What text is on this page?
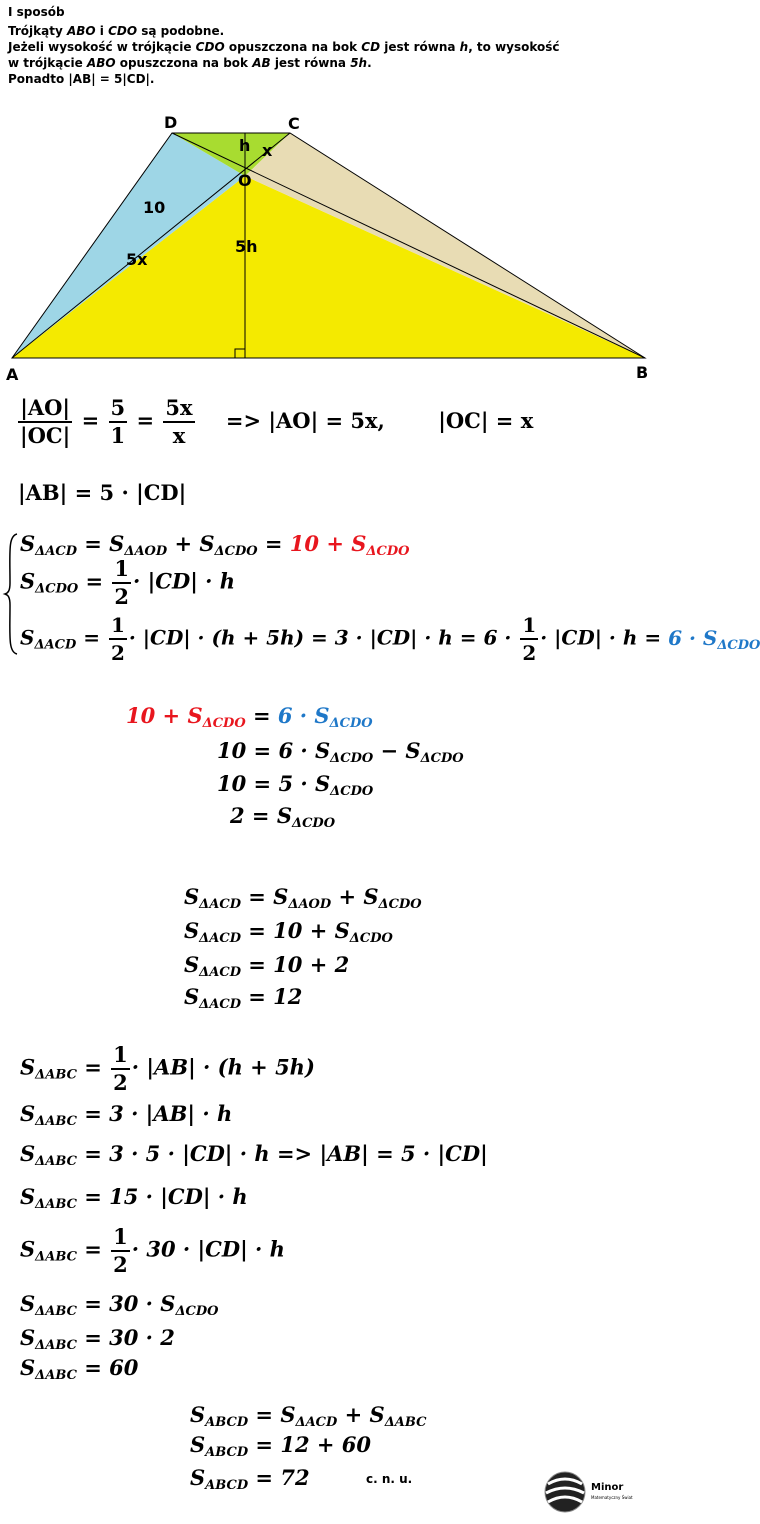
I sposób
Trójkąty ABO i CDO są podobne.
Jeżeli wysokość w trójkącie CDO opuszczona na bok CD jest równa h, to wysokość
w trójkącie ABO opuszczona na bok AB jest równa 5h.
Ponadto |AB| = 5|CD|.
A	B
C
D
O
h x
10
5x
5h
$\frac{|AO|}{|OC|} = \frac{5}{1} = \frac{5x}{x} => |AO| = 5x$,	|OC| = x
|AB| = 5 · |CD|
$S_{\Delta ACD} = S_{\Delta AOD} + S_{\Delta CDO} = 10 + S_{\Delta CDO}$
$S_{\Delta CDO} = \frac{1}{2} \cdot |CD| \cdot h$
$S_{\Delta ACD} = \frac{1}{2} \cdot |CD| \cdot (h + 5h) = 3 \cdot |CD| \cdot h = 6 \cdot \frac{1}{2} \cdot |CD| \cdot h = 6 \cdot S_{\Delta CDO}$
$10 + S_{\Delta CDO} = 6 \cdot S_{\Delta CDO}$
$10 = 6 \cdot S_{\Delta CDO} - S_{\Delta CDO}$
$10 = 5 \cdot S_{\Delta CDO}$
$2 = S_{\Delta CDO}$
$S_{\Delta ACD} = S_{\Delta AOD} + S_{\Delta CDO}$
$S_{\Delta ACD} = 10 + S_{\Delta CDO}$
$S_{\Delta ACD} = 10 + 2$
$S_{\Delta ACD} = 12$
$S_{\Delta ABC} = \frac{1}{2} \cdot |AB| \cdot (h + 5h)$
$S_{\Delta ABC} = 3 \cdot |AB| \cdot h$
$S_{\Delta ABC} = 3 \cdot 5 \cdot |CD| \cdot h => |AB| = 5 \cdot |CD|$
$S_{\Delta ABC} = 15 \cdot |CD| \cdot h$
$S_{\Delta ABC} = \frac{1}{2} \cdot 30 \cdot |CD| \cdot h$
$S_{\Delta ABC} = 30 \cdot S_{\Delta CDO}$
$S_{\Delta ABC} = 30 \cdot 2$
$S_{\Delta ABC} = 60$
$S_{ABCD} = S_{\Delta ACD} + S_{\Delta ABC}$
$S_{ABCD} = 12 + 60$
$S_{ABCD} = 72$	c. n. u.
Minor
Matematyczny Świat
